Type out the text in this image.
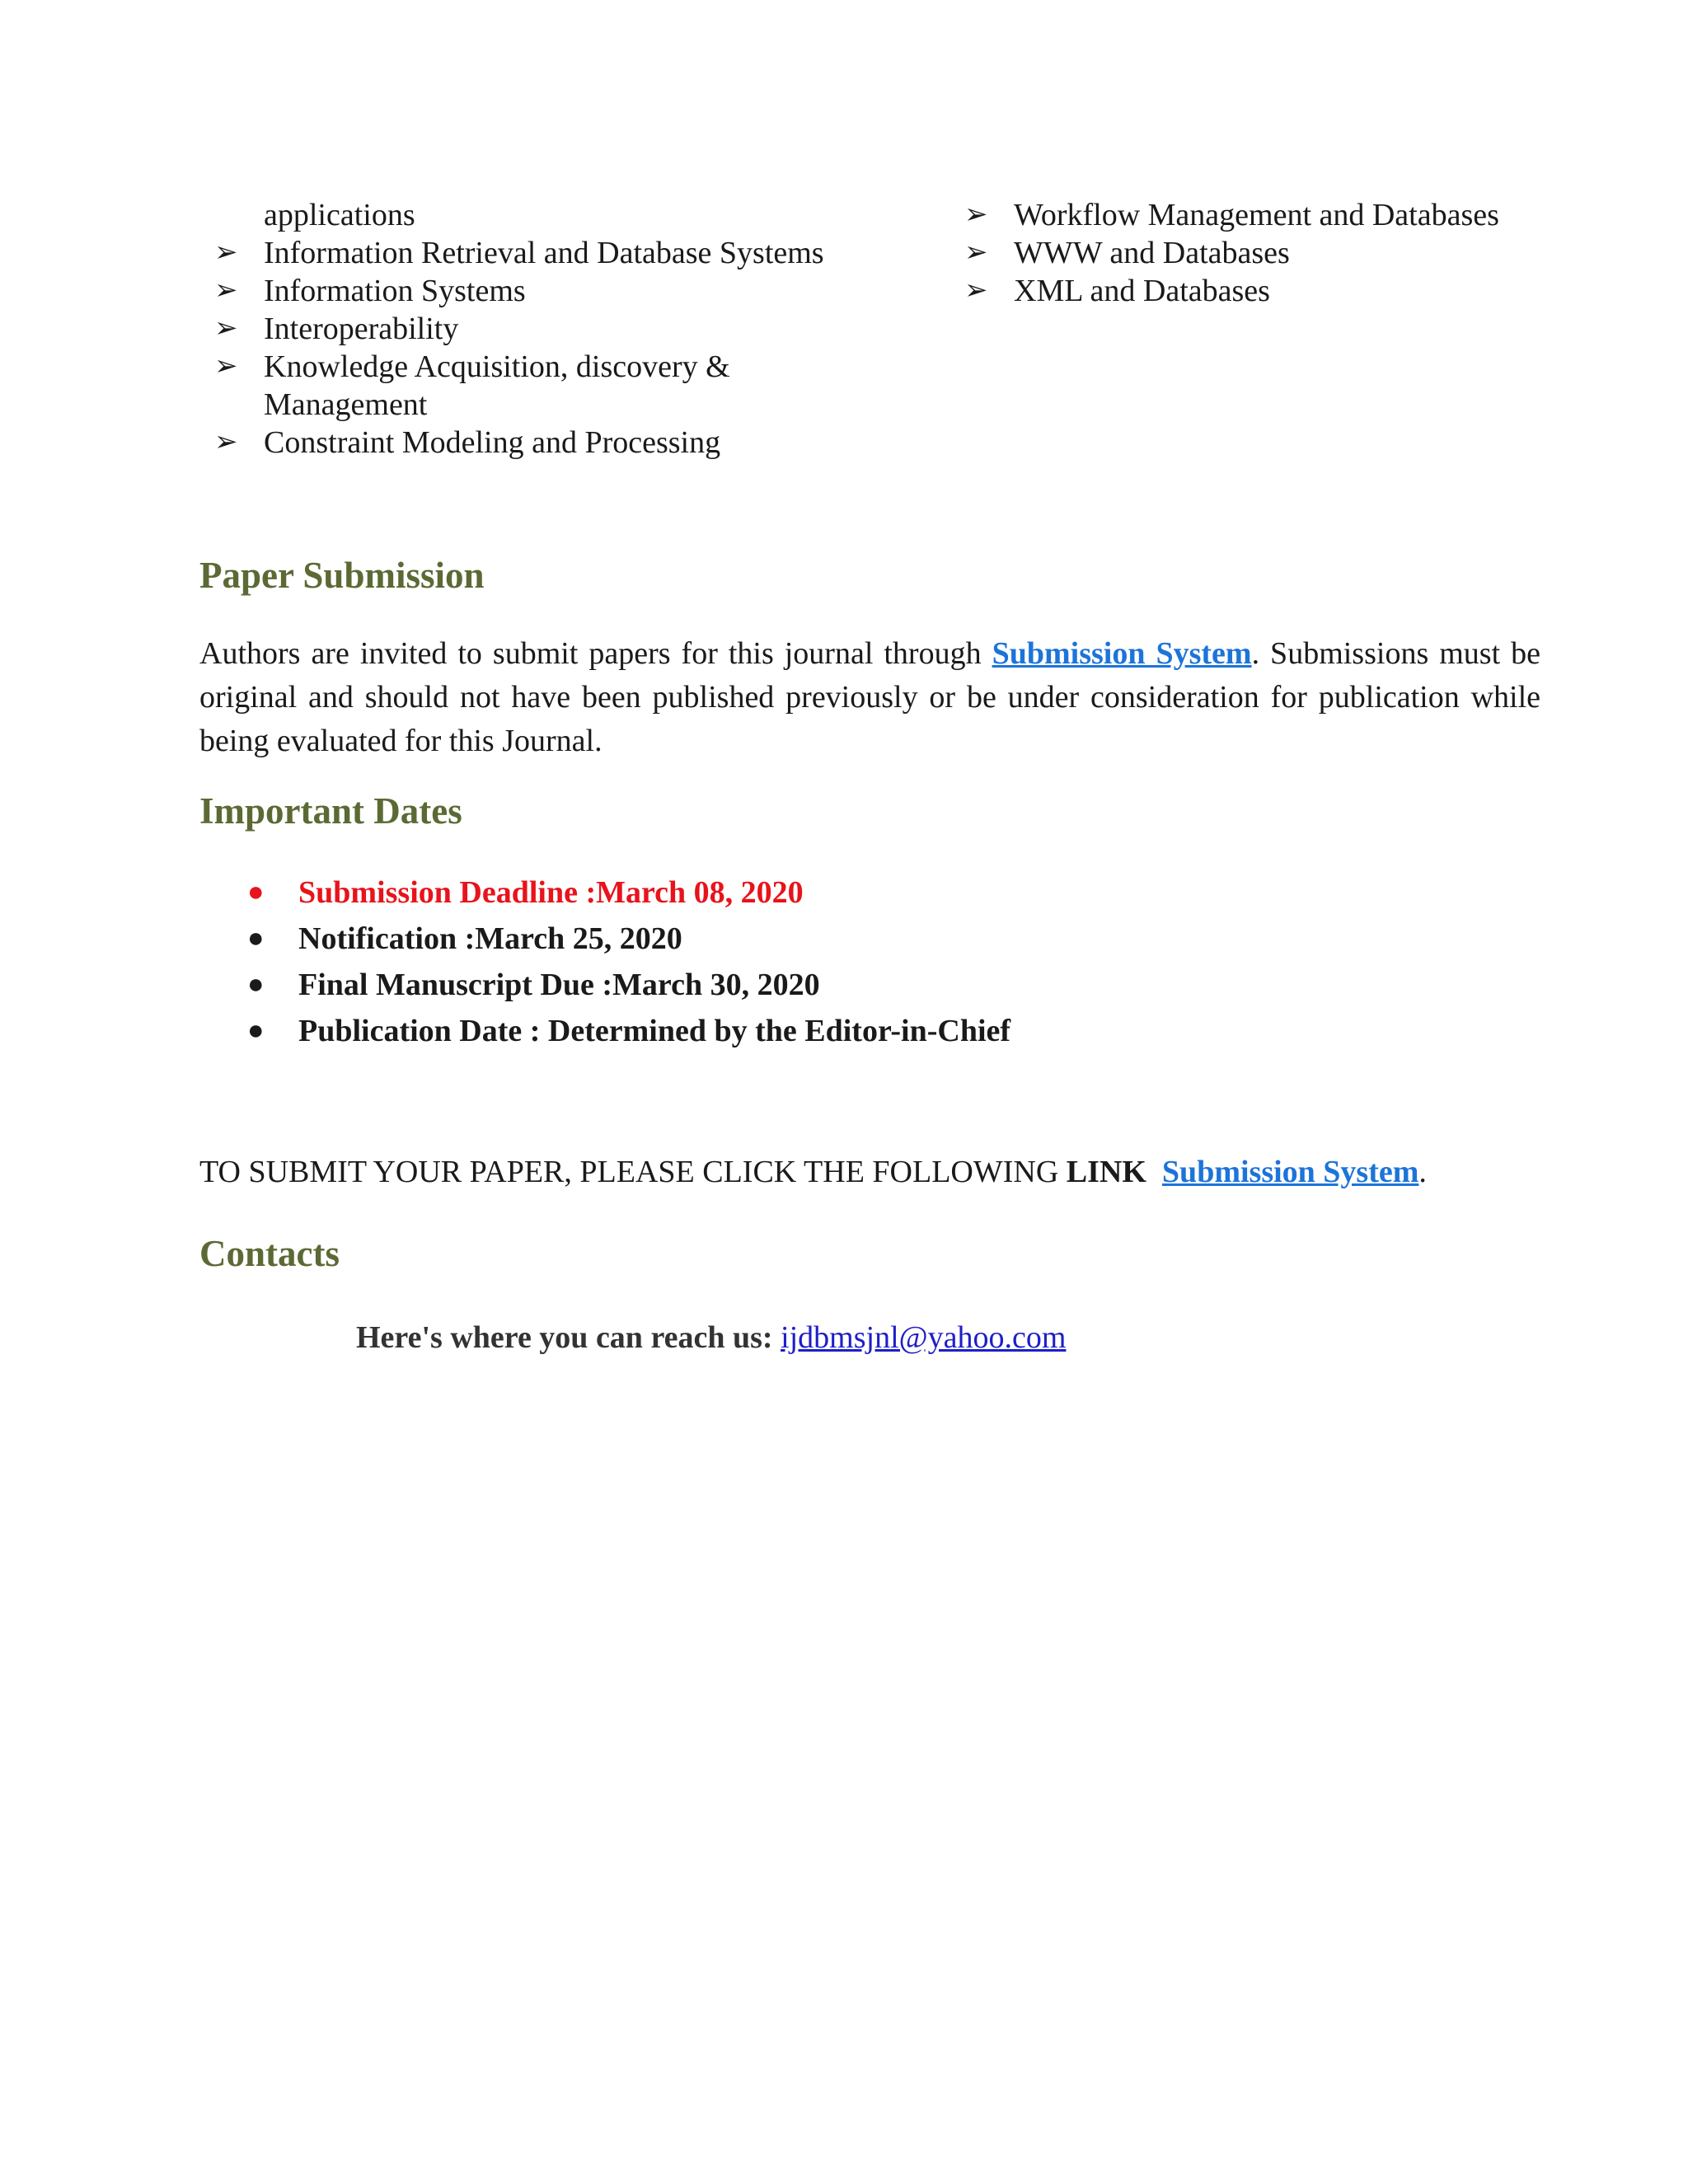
applications
➢ Information Retrieval and Database Systems
➢ Information Systems
➢ Interoperability
➢ Knowledge Acquisition, discovery &
Management
➢ Constraint Modeling and Processing
➢ Workflow Management and Databases
➢ WWW and Databases
➢ XML and Databases
Paper Submission
Authors are invited to submit papers for this journal through Submission System. Submissions must be original and should not have been published previously or be under consideration for publication while being evaluated for this Journal.
Important Dates
● Submission Deadline :March 08, 2020
● Notification :March 25, 2020
● Final Manuscript Due :March 30, 2020
● Publication Date : Determined by the Editor-in-Chief
TO SUBMIT YOUR PAPER, PLEASE CLICK THE FOLLOWING LINK Submission System.
Contacts
Here's where you can reach us: ijdbmsjnl@yahoo.com
